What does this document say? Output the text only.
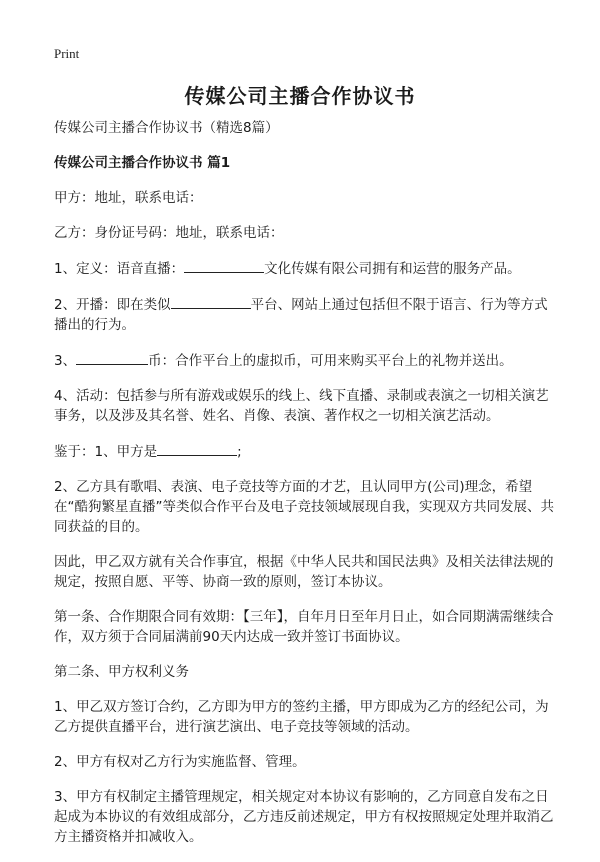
Print
传媒公司主播合作协议书

传媒公司主播合作协议书（精选8篇）

传媒公司主播合作协议书 篇1

甲方：地址，联系电话：

乙方：身份证号码：地址，联系电话：

1、定义：语音直播：	文化传媒有限公司拥有和运营的服务产品。

2、开播：即在类似	平台、网站上通过包括但不限于语言、行为等方式播出的行为。

3、	币：合作平台上的虚拟币，可用来购买平台上的礼物并送出。

4、活动：包括参与所有游戏或娱乐的线上、线下直播、录制或表演之一切相关演艺事务，以及涉及其名誉、姓名、肖像、表演、著作权之一切相关演艺活动。

鉴于：1、甲方是	;

2、乙方具有歌唱、表演、电子竞技等方面的才艺，且认同甲方(公司)理念，希望在“酷狗繁星直播”等类似合作平台及电子竞技领域展现自我，实现双方共同发展、共同获益的目的。

因此，甲乙双方就有关合作事宜，根据《中华人民共和国民法典》及相关法律法规的规定，按照自愿、平等、协商一致的原则，签订本协议。

第一条、合作期限合同有效期：【三年】，自年月日至年月日止，如合同期满需继续合作，双方须于合同届满前90天内达成一致并签订书面协议。

第二条、甲方权利义务

1、甲乙双方签订合约，乙方即为甲方的签约主播，甲方即成为乙方的经纪公司，为乙方提供直播平台，进行演艺演出、电子竞技等领域的活动。

2、甲方有权对乙方行为实施监督、管理。

3、甲方有权制定主播管理规定，相关规定对本协议有影响的，乙方同意自发布之日起成为本协议的有效组成部分，乙方违反前述规定，甲方有权按照规定处理并取消乙方主播资格并扣减收入。
